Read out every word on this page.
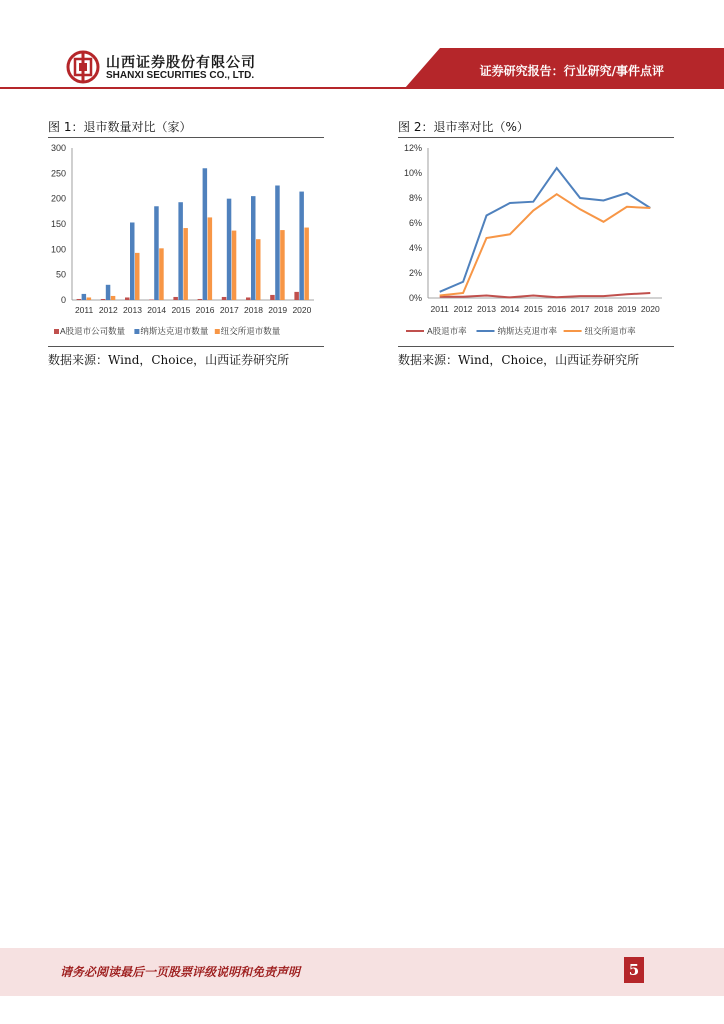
山西证券股份有限公司
SHANXI SECURITIES CO., LTD.	证券研究报告：行业研究/事件点评
图 1：退市数量对比（家）
0
50
100
150
200
250
300
2011 2012 2013 2014 2015 2016 2017 2018 2019 2020
A股退市公司数量 纳斯达克退市数量 纽交所退市数量
数据来源：Wind，Choice，山西证券研究所
图 2：退市率对比（%）
0%
2%
4%
6%
8%
10%
12%
2011 2012 2013 2014 2015 2016 2017 2018 2019 2020
A股退市率	纳斯达克退市率	纽交所退市率
数据来源：Wind，Choice，山西证券研究所
请务必阅读最后一页股票评级说明和免责声明	5
